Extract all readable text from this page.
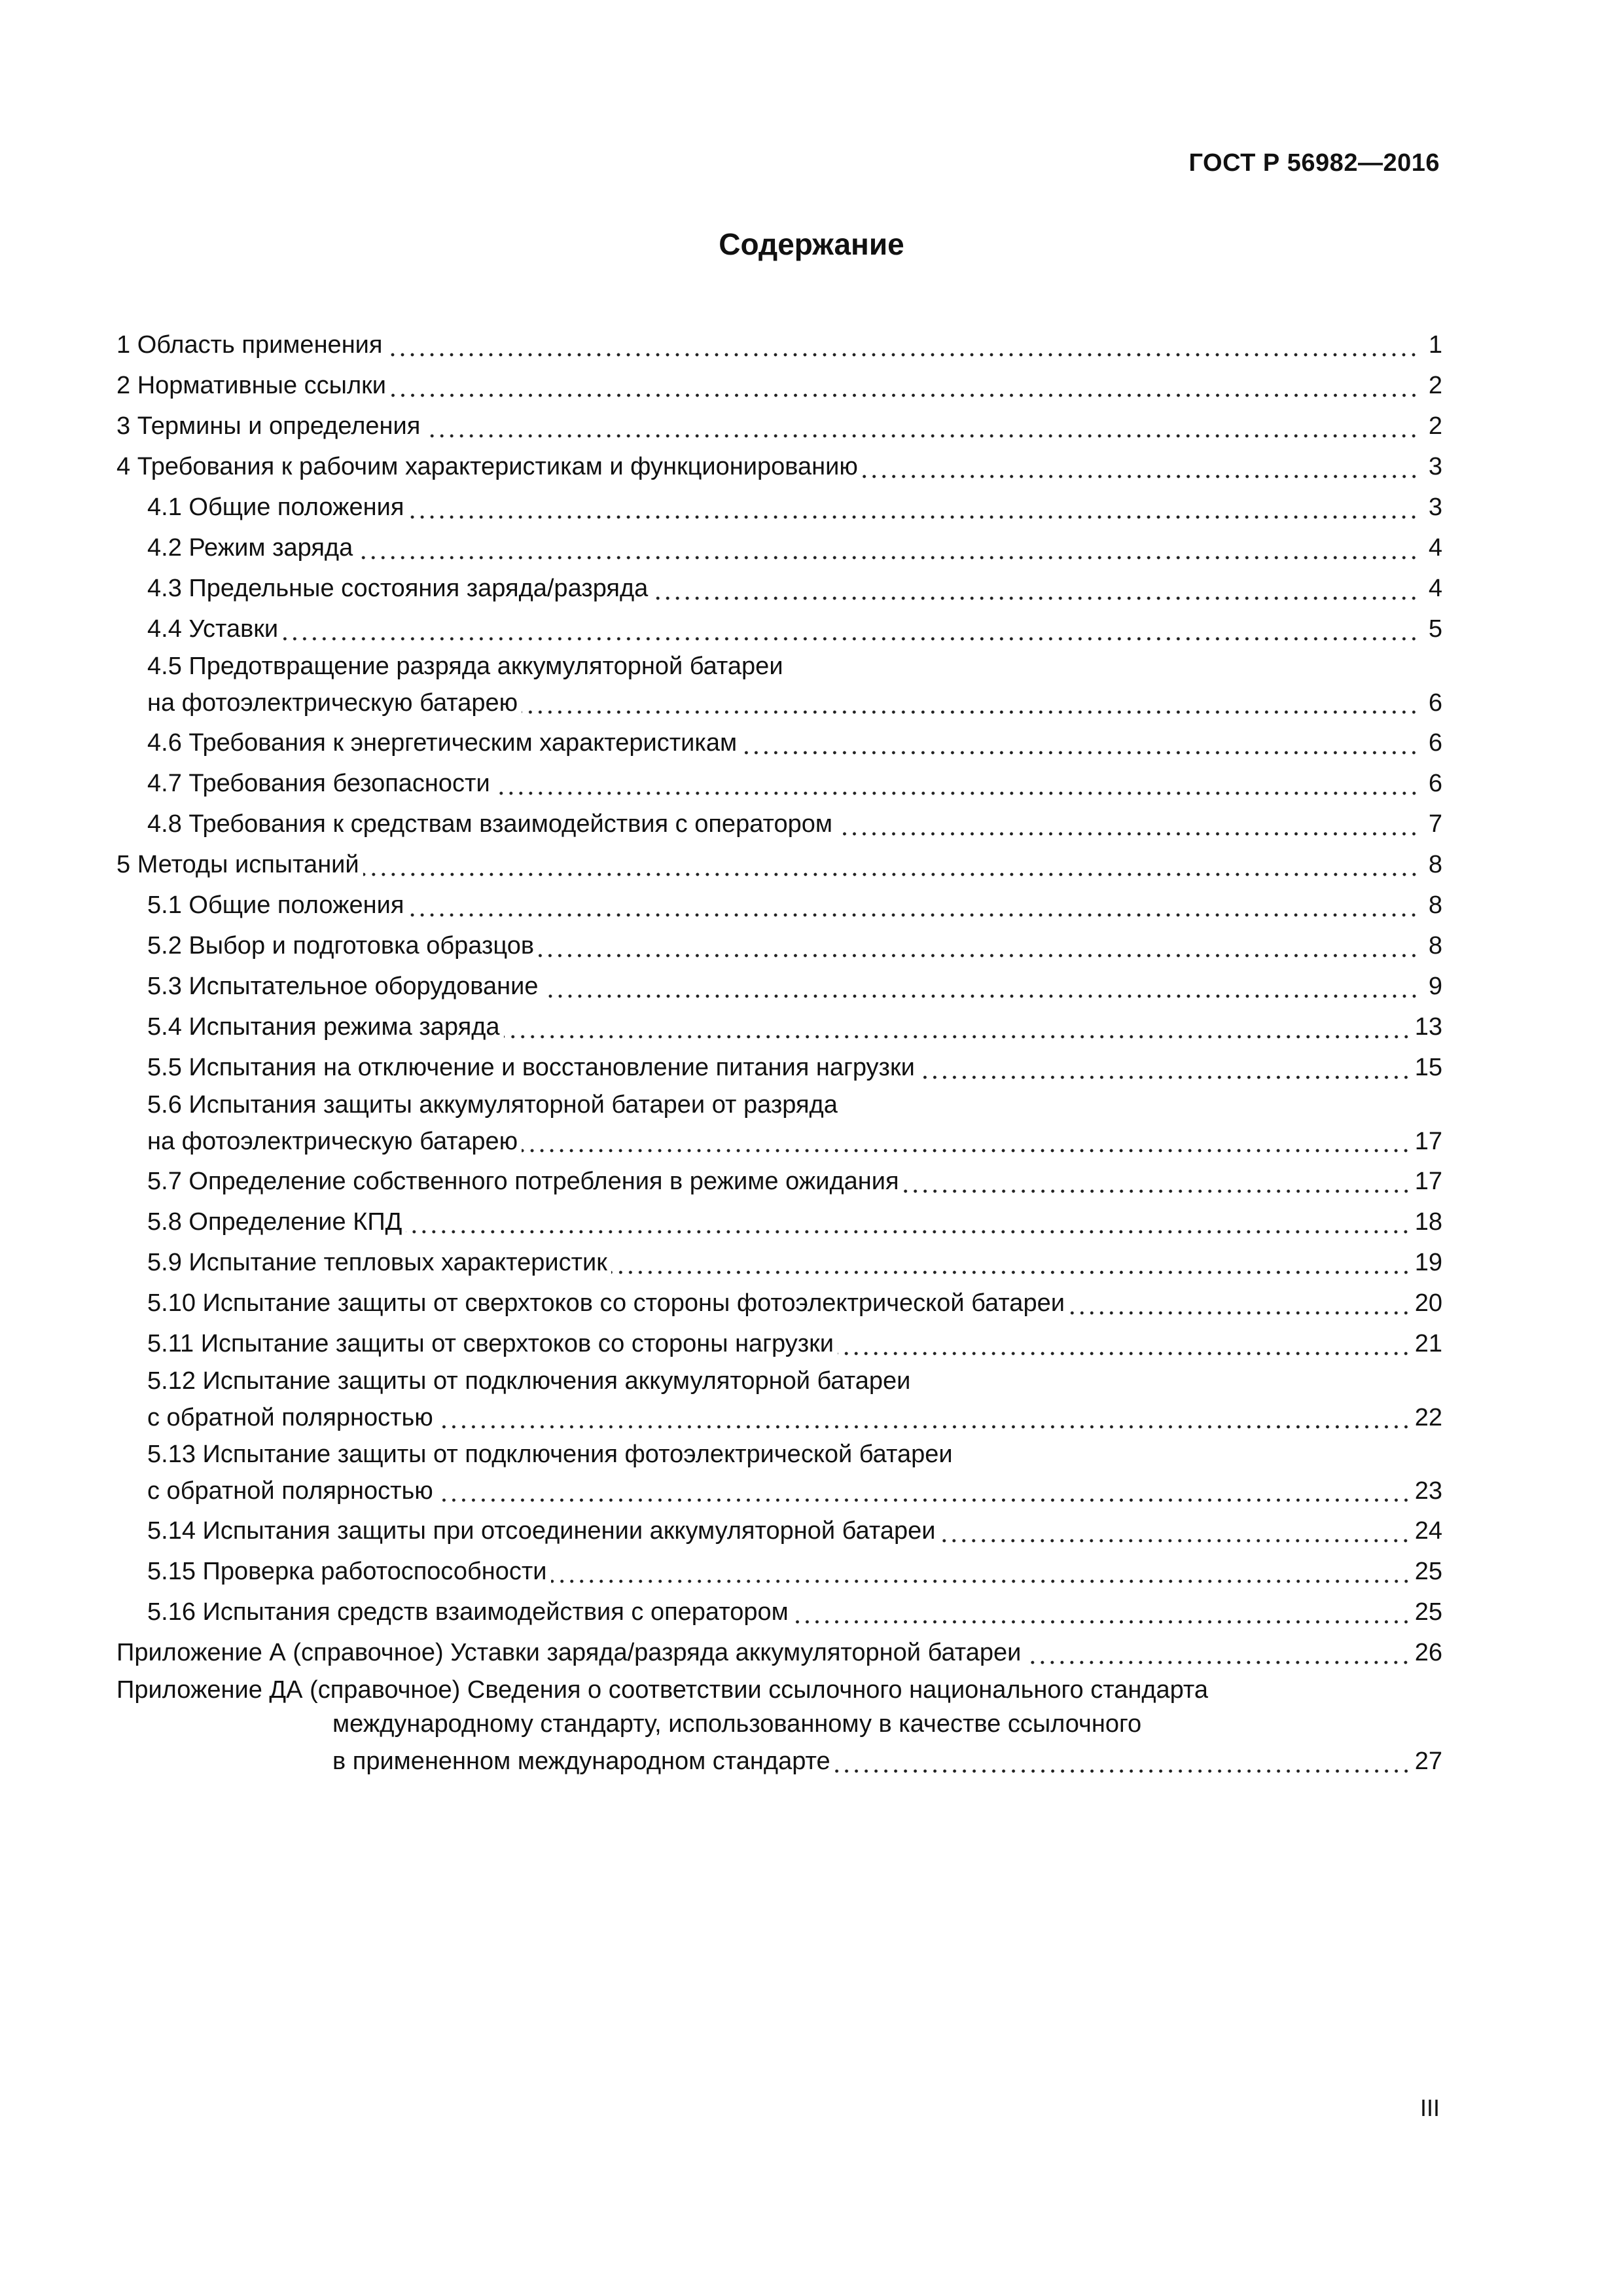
ГОСТ Р 56982—2016
Содержание
1 Область применения	1
2 Нормативные ссылки	2
3 Термины и определения	2
4 Требования к рабочим характеристикам и функционированию	3
4.1 Общие положения	3
4.2 Режим заряда	4
4.3 Предельные состояния заряда/разряда	4
4.4 Уставки	5
4.5 Предотвращение разряда аккумуляторной батареи
на фотоэлектрическую батарею	6
4.6 Требования к энергетическим характеристикам	6
4.7 Требования безопасности	6
4.8 Требования к средствам взаимодействия с оператором	7
5 Методы испытаний	8
5.1 Общие положения	8
5.2 Выбор и подготовка образцов	8
5.3 Испытательное оборудование	9
5.4 Испытания режима заряда	13
5.5 Испытания на отключение и восстановление питания нагрузки	15
5.6 Испытания защиты аккумуляторной батареи от разряда
на фотоэлектрическую батарею	17
5.7 Определение собственного потребления в режиме ожидания	17
5.8 Определение КПД	18
5.9 Испытание тепловых характеристик	19
5.10 Испытание защиты от сверхтоков со стороны фотоэлектрической батареи	20
5.11 Испытание защиты от сверхтоков со стороны нагрузки	21
5.12 Испытание защиты от подключения аккумуляторной батареи
с обратной полярностью	22
5.13 Испытание защиты от подключения фотоэлектрической батареи
с обратной полярностью	23
5.14 Испытания защиты при отсоединении аккумуляторной батареи	24
5.15 Проверка работоспособности	25
5.16 Испытания средств взаимодействия с оператором	25
Приложение А (справочное) Уставки заряда/разряда аккумуляторной батареи	26
Приложение ДА (справочное) Сведения о соответствии ссылочного национального стандарта
международному стандарту, использованному в качестве ссылочного
в примененном международном стандарте	27
III
